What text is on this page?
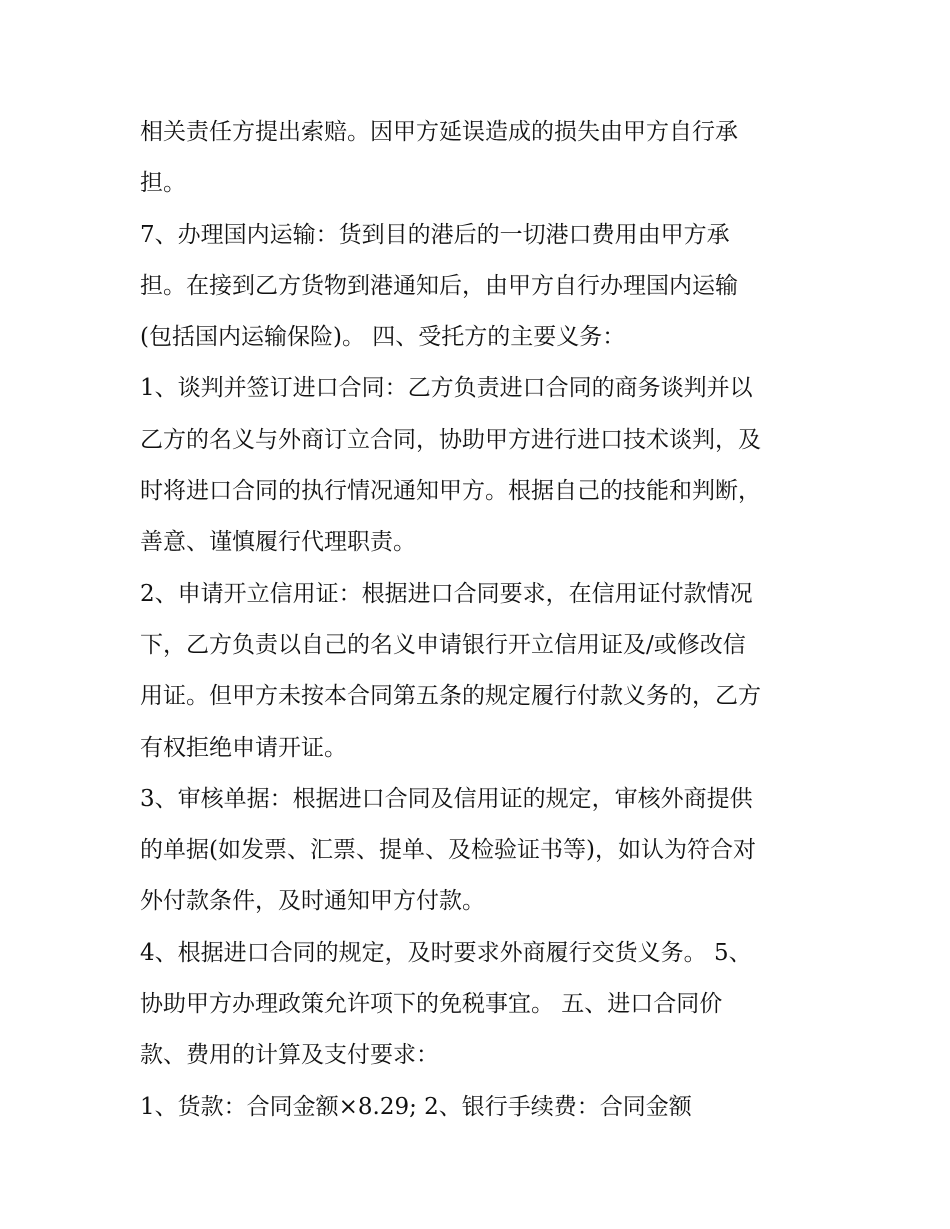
相关责任方提出索赔。因甲方延误造成的损失由甲方自行承
担。
7、办理国内运输：货到目的港后的一切港口费用由甲方承
担。在接到乙方货物到港通知后，由甲方自行办理国内运输
(包括国内运输保险)。 四、受托方的主要义务：
1、谈判并签订进口合同：乙方负责进口合同的商务谈判并以
乙方的名义与外商订立合同，协助甲方进行进口技术谈判，及
时将进口合同的执行情况通知甲方。根据自己的技能和判断，
善意、谨慎履行代理职责。
2、申请开立信用证：根据进口合同要求，在信用证付款情况
下，乙方负责以自己的名义申请银行开立信用证及/或修改信
用证。但甲方未按本合同第五条的规定履行付款义务的，乙方
有权拒绝申请开证。
3、审核单据：根据进口合同及信用证的规定，审核外商提供
的单据(如发票、汇票、提单、及检验证书等)，如认为符合对
外付款条件，及时通知甲方付款。
4、根据进口合同的规定，及时要求外商履行交货义务。 5、
协助甲方办理政策允许项下的免税事宜。 五、进口合同价
款、费用的计算及支付要求：
1、货款：合同金额×8.29; 2、银行手续费：合同金额
